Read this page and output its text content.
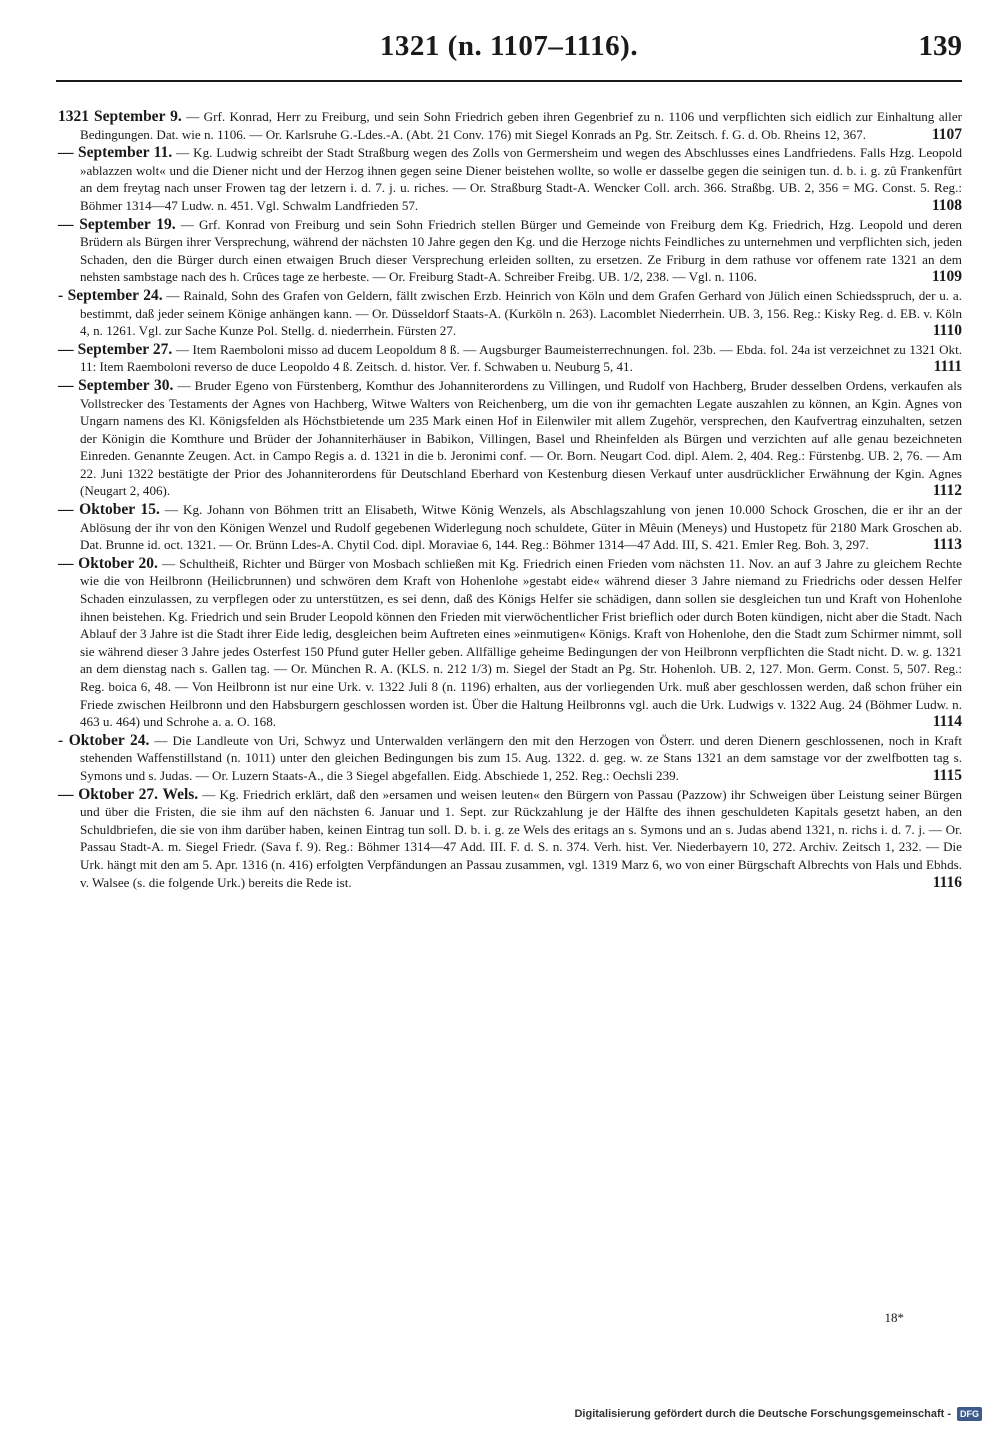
1321 (n. 1107–1116).	139

1321 September 9. — Grf. Konrad, Herr zu Freiburg, und sein Sohn Friedrich geben ihren Gegenbrief zu n. 1106 und verpflichten sich eidlich zur Einhaltung aller Bedingungen. Dat. wie n. 1106. — Or. Karlsruhe G.-Ldes.-A. (Abt. 21 Conv. 176) mit Siegel Konrads an Pg. Str. Zeitsch. f. G. d. Ob. Rheins 12, 367.	1107

— September 11. — Kg. Ludwig schreibt der Stadt Straßburg wegen des Zolls von Germersheim und wegen des Abschlusses eines Landfriedens. Falls Hzg. Leopold »ablazzen wolt« und die Diener nicht und der Herzog ihnen gegen seine Diener beistehen wollte, so wolle er dasselbe gegen die seinigen tun. d. b. i. g. zû Frankenfûrt an dem freytag nach unser Frowen tag der letzern i. d. 7. j. u. riches. — Or. Straßburg Stadt-A. Wencker Coll. arch. 366. Straßbg. UB. 2, 356 = MG. Const. 5. Reg.: Böhmer 1314—47 Ludw. n. 451. Vgl. Schwalm Landfrieden 57.	1108

— September 19. — Grf. Konrad von Freiburg und sein Sohn Friedrich stellen Bürger und Gemeinde von Freiburg dem Kg. Friedrich, Hzg. Leopold und deren Brüdern als Bürgen ihrer Versprechung, während der nächsten 10 Jahre gegen den Kg. und die Herzoge nichts Feindliches zu unternehmen und verpflichten sich, jeden Schaden, den die Bürger durch einen etwaigen Bruch dieser Versprechung erleiden sollten, zu ersetzen. Ze Friburg in dem rathuse vor offenem rate 1321 an dem nehsten sambstage nach des h. Crûces tage ze herbeste. — Or. Freiburg Stadt-A. Schreiber Freibg. UB. 1/2, 238. — Vgl. n. 1106.	1109

- September 24. — Rainald, Sohn des Grafen von Geldern, fällt zwischen Erzb. Heinrich von Köln und dem Grafen Gerhard von Jülich einen Schiedsspruch, der u. a. bestimmt, daß jeder seinem Könige anhängen kann. — Or. Düsseldorf Staats-A. (Kurköln n. 263). Lacomblet Niederrhein. UB. 3, 156. Reg.: Kisky Reg. d. EB. v. Köln 4, n. 1261. Vgl. zur Sache Kunze Pol. Stellg. d. niederrhein. Fürsten 27.	1110

— September 27. — Item Raemboloni misso ad ducem Leopoldum 8 ß. — Augsburger Baumeisterrechnungen. fol. 23b. — Ebda. fol. 24a ist verzeichnet zu 1321 Okt. 11: Item Raemboloni reverso de duce Leopoldo 4 ß. Zeitsch. d. histor. Ver. f. Schwaben u. Neuburg 5, 41.	1111

— September 30. — Bruder Egeno von Fürstenberg, Komthur des Johanniterordens zu Villingen, und Rudolf von Hachberg, Bruder desselben Ordens, verkaufen als Vollstrecker des Testaments der Agnes von Hachberg, Witwe Walters von Reichenberg, um die von ihr gemachten Legate auszahlen zu können, an Kgin. Agnes von Ungarn namens des Kl. Königsfelden als Höchstbietende um 235 Mark einen Hof in Eilenwiler mit allem Zugehör, versprechen, den Kaufvertrag einzuhalten, setzen der Königin die Komthure und Brüder der Johanniterhäuser in Babikon, Villingen, Basel und Rheinfelden als Bürgen und verzichten auf alle genau bezeichneten Einreden. Genannte Zeugen. Act. in Campo Regis a. d. 1321 in die b. Jeronimi conf. — Or. Born. Neugart Cod. dipl. Alem. 2, 404. Reg.: Fürstenbg. UB. 2, 76. — Am 22. Juni 1322 bestätigte der Prior des Johanniterordens für Deutschland Eberhard von Kestenburg diesen Verkauf unter ausdrücklicher Erwähnung der Kgin. Agnes (Neugart 2, 406).	1112

— Oktober 15. — Kg. Johann von Böhmen tritt an Elisabeth, Witwe König Wenzels, als Abschlagszahlung von jenen 10.000 Schock Groschen, die er ihr an der Ablösung der ihr von den Königen Wenzel und Rudolf gegebenen Widerlegung noch schuldete, Güter in Mêuin (Meneys) und Hustopetz für 2180 Mark Groschen ab. Dat. Brunne id. oct. 1321. — Or. Brünn Ldes-A. Chytil Cod. dipl. Moraviae 6, 144. Reg.: Böhmer 1314—47 Add. III, S. 421. Emler Reg. Boh. 3, 297.	1113

— Oktober 20. — Schultheiß, Richter und Bürger von Mosbach schließen mit Kg. Friedrich einen Frieden vom nächsten 11. Nov. an auf 3 Jahre zu gleichem Rechte wie die von Heilbronn (Heilicbrunnen) und schwören dem Kraft von Hohenlohe »gestabt eide« während dieser 3 Jahre niemand zu Friedrichs oder dessen Helfer Schaden einzulassen, zu verpflegen oder zu unterstützen, es sei denn, daß des Königs Helfer sie schädigen, dann sollen sie desgleichen tun und Kraft von Hohenlohe ihnen beistehen. Kg. Friedrich und sein Bruder Leopold können den Frieden mit vierwöchentlicher Frist brieflich oder durch Boten kündigen, nicht aber die Stadt. Nach Ablauf der 3 Jahre ist die Stadt ihrer Eide ledig, desgleichen beim Auftreten eines »einmutigen« Königs. Kraft von Hohenlohe, den die Stadt zum Schirmer nimmt, soll sie während dieser 3 Jahre jedes Osterfest 150 Pfund guter Heller geben. Allfällige geheime Bedingungen der von Heilbronn verpflichten die Stadt nicht. D. w. g. 1321 an dem dienstag nach s. Gallen tag. — Or. München R. A. (KLS. n. 212 1/3) m. Siegel der Stadt an Pg. Str. Hohenloh. UB. 2, 127. Mon. Germ. Const. 5, 507. Reg.: Reg. boica 6, 48. — Von Heilbronn ist nur eine Urk. v. 1322 Juli 8 (n. 1196) erhalten, aus der vorliegenden Urk. muß aber geschlossen werden, daß schon früher ein Friede zwischen Heilbronn und den Habsburgern geschlossen worden ist. Über die Haltung Heilbronns vgl. auch die Urk. Ludwigs v. 1322 Aug. 24 (Böhmer Ludw. n. 463 u. 464) und Schrohe a. a. O. 168.	1114

- Oktober 24. — Die Landleute von Uri, Schwyz und Unterwalden verlängern den mit den Herzogen von Österr. und deren Dienern geschlossenen, noch in Kraft stehenden Waffenstillstand (n. 1011) unter den gleichen Bedingungen bis zum 15. Aug. 1322. d. geg. w. ze Stans 1321 an dem samstage vor der zwelfbotten tag s. Symons und s. Judas. — Or. Luzern Staats-A., die 3 Siegel abgefallen. Eidg. Abschiede 1, 252. Reg.: Oechsli 239.	1115

— Oktober 27. Wels. — Kg. Friedrich erklärt, daß den »ersamen und weisen leuten« den Bürgern von Passau (Pazzow) ihr Schweigen über Leistung seiner Bürgen und über die Fristen, die sie ihm auf den nächsten 6. Januar und 1. Sept. zur Rückzahlung je der Hälfte des ihnen geschuldeten Kapitals gesetzt haben, an den Schuldbriefen, die sie von ihm darüber haben, keinen Eintrag tun soll. D. b. i. g. ze Wels des eritags an s. Symons und an s. Judas abend 1321, n. richs i. d. 7. j. — Or. Passau Stadt-A. m. Siegel Friedr. (Sava f. 9). Reg.: Böhmer 1314—47 Add. III. F. d. S. n. 374. Verh. hist. Ver. Niederbayern 10, 272. Archiv. Zeitsch 1, 232. — Die Urk. hängt mit den am 5. Apr. 1316 (n. 416) erfolgten Verpfändungen an Passau zusammen, vgl. 1319 Marz 6, wo von einer Bürgschaft Albrechts von Hals und Ebhds. v. Walsee (s. die folgende Urk.) bereits die Rede ist.	1116

18*
Digitalisierung gefördert durch die Deutsche Forschungsgemeinschaft -	DFG
